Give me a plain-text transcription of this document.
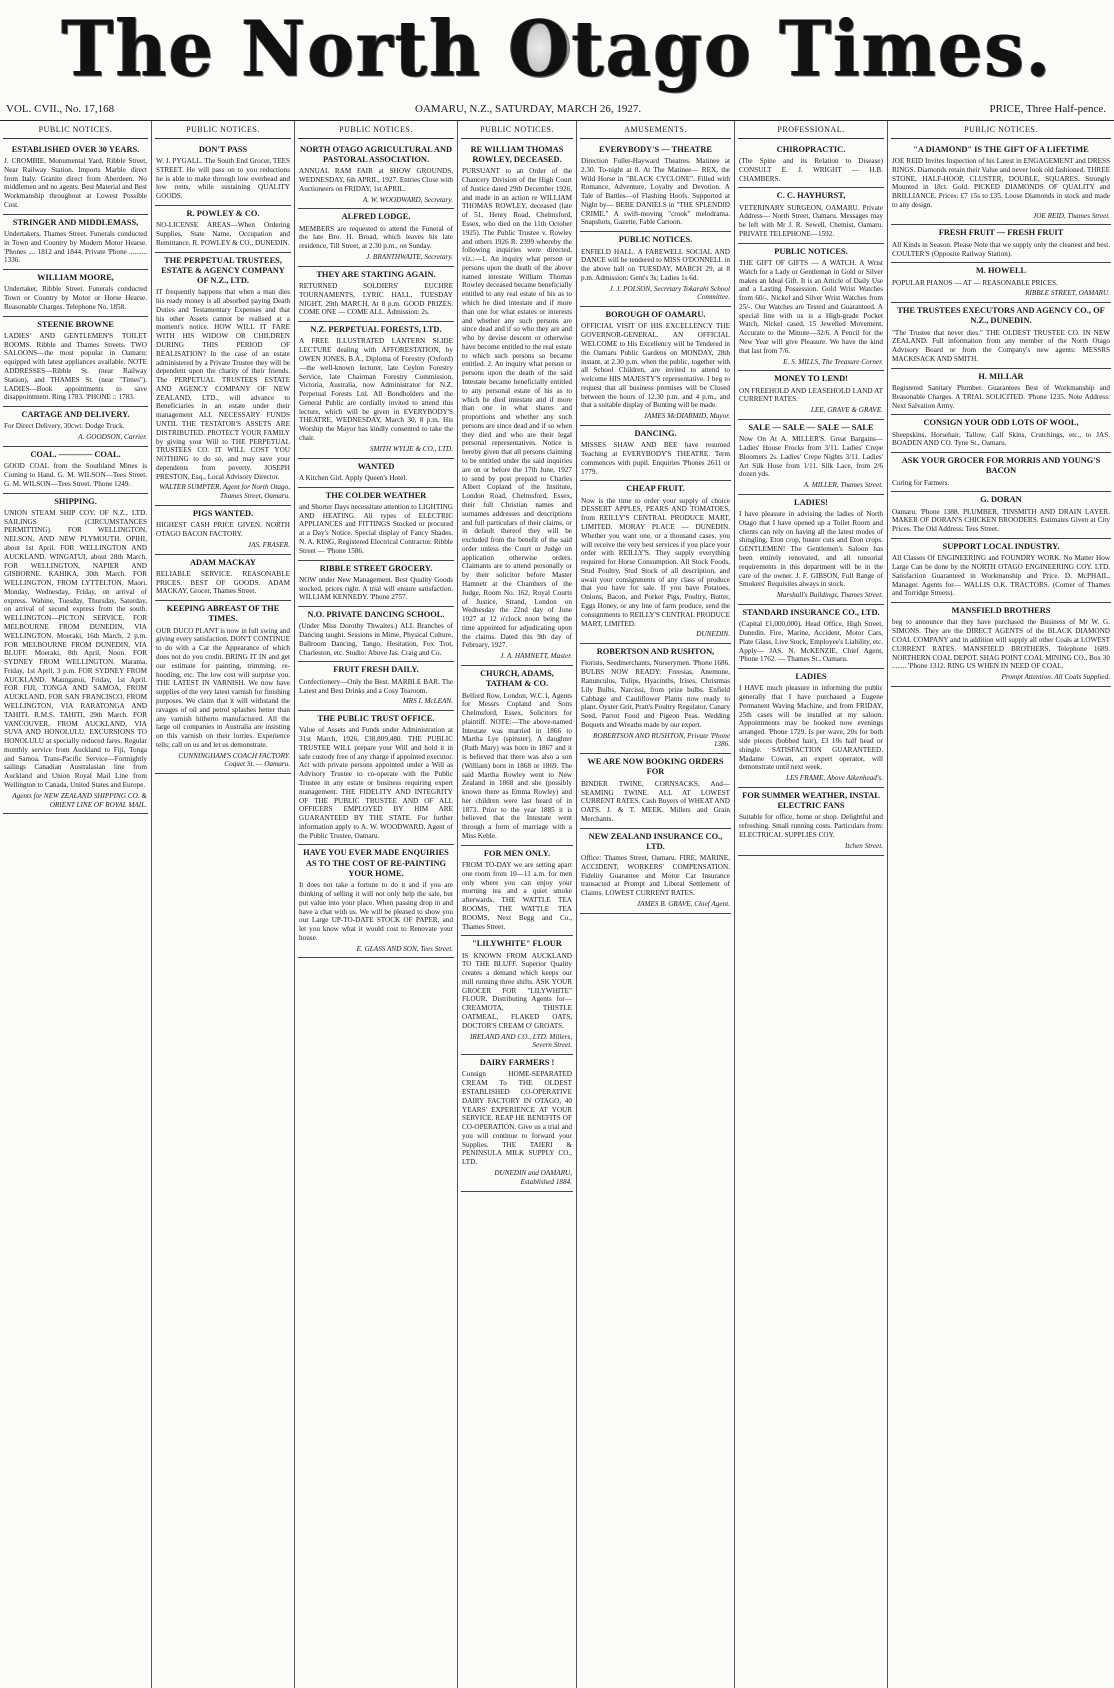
The North Otago Times.
VOL. CVII., No. 17,168	OAMARU, N.Z., SATURDAY, MARCH 26, 1927.	PRICE, Three Half-pence.
PUBLIC NOTICES.
ESTABLISHED OVER 30 YEARS.
J. CROMBIE, Monumental Yard, Ribble Street, Near Railway Station. Imports Marble direct from Italy. Granite direct from Aberdeen. No middlemen and no agents. Best Material and Best Workmanship throughout at Lowest Possible Cost.
STRINGER AND MIDDLEMASS,
Undertakers, Thames Street. Funerals conducted in Town and Country by Modern Motor Hearse. 'Phones .... 1812 and 1844. Private 'Phone .......... 1336.
WILLIAM MOORE,
Undertaker, Ribble Street. Funerals conducted Town or Country by Motor or Horse Hearse. Reasonable Charges. Telephone No. 1858.
STEENIE BROWNE
LADIES' AND GENTLEMEN'S TOILET ROOMS. Ribble and Thames Streets. TWO SALOONS—the most popular in Oamaru; equipped with latest appliances available. NOTE ADDRESSES—Ribble St. (near Railway Station), and THAMES St. (near "Times"). LADIES—Book appointments to save disappointment. Ring 1783. 'PHONE :: 1783.
CARTAGE AND DELIVERY.
For Direct Delivery, 30cwt. Dodge Truck.
A. GOODSON, Carrier.
COAL. ———— COAL.
GOOD COAL from the Southland Mines is Coming to Hand. G. M. WILSON—Tees Street. G. M. WILSON—Tees Street. 'Phone 1249.
SHIPPING.
UNION STEAM SHIP COY. OF N.Z., LTD. SAILINGS (CIRCUMSTANCES PERMITTING). FOR WELLINGTON, NELSON, AND NEW PLYMOUTH. OPIHI, about 1st April. FOR WELLINGTON AND AUCKLAND. WINGATUI, about 28th March. FOR WELLINGTON, NAPIER AND GISBORNE. KAHIKA, 30th March. FOR WELLINGTON, FROM LYTTELTON. Maori, Monday, Wednesday, Friday, on arrival of express. Wahine, Tuesday, Thursday, Saturday, on arrival of second express from the south. WELLINGTON—PICTON SERVICE. FOR MELBOURNE FROM DUNEDIN, VIA WELLINGTON. Moeraki, 16th March, 2 p.m. FOR MELBOURNE FROM DUNEDIN, VIA BLUFF. Moeraki, 8th April, Noon. FOR SYDNEY FROM WELLINGTON. Marama, Friday, 1st April, 3 p.m. FOR SYDNEY FROM AUCKLAND. Maunganui, Friday, 1st April. FOR FIJI, TONGA AND SAMOA, FROM AUCKLAND. FOR SAN FRANCISCO, FROM WELLINGTON, VIA RARATONGA AND TAHITI. R.M.S. TAHITI, 29th March. FOR VANCOUVER, FROM AUCKLAND, VIA SUVA AND HONOLULU. EXCURSIONS TO HONOLULU at specially reduced fares. Regular monthly service from Auckland to Fiji, Tonga and Samoa. Trans-Pacific Service—Fortnightly sailings Canadian Australasian line from Auckland and Union Royal Mail Line from Wellington to Canada, United States and Europe.
Agents for NEW ZEALAND SHIPPING CO. & ORIENT LINE OF ROYAL MAIL.
PUBLIC NOTICES.
DON'T PASS
W. J. PYGALL. The South End Grocer, TEES STREET. He will pass on to you reductions he is able to make through low overhead and low rents, while sustaining QUALITY GOODS.
R. POWLEY & CO.
NO-LICENSE AREAS—When Ordering Supplies, State Name, Occupation and Remittance. R. POWLEY & CO., DUNEDIN.
THE PERPETUAL TRUSTEES, ESTATE & AGENCY COMPANY OF N.Z., LTD.
IT frequently happens that when a man dies his ready money is all absorbed paying Death Duties and Testamentary Expenses and that his other Assets cannot be realised at a moment's notice. HOW WILL IT FARE WITH HIS WIDOW OR CHILDREN DURING THIS PERIOD OF REALISATION? In the case of an estate administered by a Private Trustee they will be dependent upon the charity of their friends. The PERPETUAL TRUSTEES ESTATE AND AGENCY COMPANY OF NEW ZEALAND, LTD., will advance to Beneficiaries in an estate under their management ALL NECESSARY FUNDS UNTIL THE TESTATOR'S ASSETS ARE DISTRIBUTED. PROTECT YOUR FAMILY by giving your Will to THE PERPETUAL TRUSTEES CO. IT WILL COST YOU NOTHING to do so, and may save your dependents from poverty. JOSEPH PRESTON, Esq., Local Advisory Director.
WALTER SUMPTER, Agent for North Otago, Thames Street, Oamaru.
PIGS WANTED.
HIGHEST CASH PRICE GIVEN. NORTH OTAGO BACON FACTORY.
JAS. FRASER.
ADAM MACKAY
RELIABLE SERVICE. REASONABLE PRICES. BEST OF GOODS. ADAM MACKAY, Grocer, Thames Street.
KEEPING ABREAST OF THE TIMES.
OUR DUCO PLANT is now in full swing and giving every satisfaction. DON'T CONTINUE to do with a Car the Appearance of which does not do you credit. BRING IT IN and get our estimate for painting, trimming, re-hooding, etc. The low cost will surprise you. THE LATEST IN VARNISH. We now have supplies of the very latest varnish for finishing purposes. We claim that it will withstand the ravages of oil and petrol splashes better than any varnish hitherto manufactured. All the large oil companies in Australia are insisting on this varnish on their lorries. Experience tells; call on us and let us demonstrate.
CUNNINGHAM'S COACH FACTORY. Coquet St. — Oamaru.
PUBLIC NOTICES.
NORTH OTAGO AGRICULTURAL AND PASTORAL ASSOCIATION.
ANNUAL RAM FAIR at SHOW GROUNDS, WEDNESDAY, 6th APRIL, 1927. Entries Close with Auctioneers on FRIDAY, 1st APRIL.
A. W. WOODWARD, Secretary.
ALFRED LODGE.
MEMBERS are requested to attend the Funeral of the late Bro. H. Broad, which leaves his late residence, Till Street, at 2.30 p.m., on Sunday.
J. BRANTHWAITE, Secretary.
THEY ARE STARTING AGAIN.
RETURNED SOLDIERS' EUCHRE TOURNAMENTS, LYRIC HALL, TUESDAY NIGHT, 29th MARCH, At 8 p.m. GOOD PRIZES. COME ONE — COME ALL. Admission: 2s.
N.Z. PERPETUAL FORESTS, LTD.
A FREE ILLUSTRATED LANTERN SLIDE LECTURE dealing with AFFORESTATION, by OWEN JONES, B.A., Diploma of Forestry (Oxford)—the well-known lecturer, late Ceylon Forestry Service, late Chairman Forestry Commission, Victoria, Australia, now Administrator for N.Z. Perpetual Forests Ltd. All Bondholders and the General Public are cordially invited to attend this lecture, which will be given in EVERYBODY'S THEATRE, WEDNESDAY, March 30, 8 p.m. His Worship the Mayor has kindly consented to take the chair.
SMITH WYLIE & CO., LTD.
WANTED
A Kitchen Girl. Apply Queen's Hotel.
THE COLDER WEATHER
and Shorter Days necessitate attention to LIGHTING AND HEATING. All types of ELECTRIC APPLIANCES and FITTINGS Stocked or procured at a Day's Notice. Special display of Fancy Shades. N. A. KING, Registered Electrical Contractor. Ribble Street — 'Phone 1586.
RIBBLE STREET GROCERY.
NOW under New Management. Best Quality Goods stocked, prices right. A trial will ensure satisfaction. WILLIAM KENNEDY. 'Phone 2757.
N.O. PRIVATE DANCING SCHOOL.
(Under Miss Dorothy Thwaites.) ALL Branches of Dancing taught. Sessions in Mime, Physical Culture, Ballroom Dancing, Tango, Hesitation, Fox Trot, Charleston, etc. Studio: Above Jas. Craig and Co.
FRUIT FRESH DAILY.
Confectionery—Only the Best. MARBLE BAR. The Latest and Best Drinks and a Cosy Tearoom.
MRS I. McLEAN.
THE PUBLIC TRUST OFFICE.
Value of Assets and Funds under Administration at 31st March, 1926, £38,809,480. THE PUBLIC TRUSTEE WILL prepare your Will and hold it in safe custody free of any charge if appointed executor. Act with private persons appointed under a Will as Advisory Trustee to co-operate with the Public Trustee in any estate or business requiring expert management. THE FIDELITY AND INTEGRITY OF THE PUBLIC TRUSTEE AND OF ALL OFFICERS EMPLOYED BY HIM ARE GUARANTEED BY THE STATE. For further information apply to A. W. WOODWARD, Agent of the Public Trustee, Oamaru.
HAVE YOU EVER MADE ENQUIRIES AS TO THE COST OF RE-PAINTING YOUR HOME.
It does not take a fortune to do it and if you are thinking of selling it will not only help the sale, but put value into your place. When passing drop in and have a chat with us. We will be pleased to show you our Large UP-TO-DATE STOCK OF PAPER, and let you know what it would cost to Renovate your house.
E. GLASS AND SON, Tees Street.
PUBLIC NOTICES.
RE WILLIAM THOMAS ROWLEY, DECEASED.
PURSUANT to an Order of the Chancery Division of the High Court of Justice dated 29th December 1926, and made in an action re WILLIAM THOMAS ROWLEY, deceased (late of 51, Henry Road, Chelmsford, Essex, who died on the 11th October 1925). The Public Trustee v. Rowley and others 1926 R. 2399 whereby the following inquiries were directed, viz.:—1. An inquiry what person or persons upon the death of the above named intestate William Thomas Rowley deceased became beneficially entitled to any real estate of his as to which he died intestate and if more than one for what estates or interests and whether any such persons are since dead and if so who they are and who by devise descent or otherwise have become entitled to the real estate to which such persons so became entitled. 2. An inquiry what person or persons upon the death of the said Intestate became beneficially entitled to any personal estate of his as to which he died intestate and if more than one in what shares and proportions and whether any such persons are since dead and if so when they died and who are their legal personal representatives. Notice is hereby given that all persons claiming to be entitled under the said inquiries are on or before the 17th June, 1927 to send by post prepaid to Charles Albert Copland of the Institute, London Road, Chelmsford, Essex, their full Christian names and surnames addresses and descriptions and full particulars of their claims, or in default thereof they will be excluded from the benefit of the said order unless the Court or Judge on application otherwise orders. Claimants are to attend personally or by their solicitor before Master Hamnett at the Chambers of the Judge, Room No. 162, Royal Courts of Justice, Strand, London on Wednesday the 22nd day of June 1927 at 12 o'clock noon being the time appointed for adjudicating upon the claims. Dated this 9th day of February, 1927.
J. A. HAMNETT, Master.
CHURCH, ADAMS, TATHAM & CO.
Belford Row, London, W.C.1, Agents for Messrs Copland and Sons Chelmsford, Essex, Solicitors for plaintiff. NOTE:—The above-named Intestate was married in 1866 to Martha Lye (spinster). A daughter (Ruth Mary) was born in 1867 and it is believed that there was also a son (William) born in 1868 or 1869. The said Martha Rowley went to New Zealand in 1868 and she (possibly known there as Emma Rowley) and her children were last heard of in 1873. Prior to the year 1885 it is believed that the Intestate went through a form of marriage with a Miss Keble.
FOR MEN ONLY.
FROM TO-DAY we are setting apart one room from 10—11 a.m. for men only where you can enjoy your morning tea and a quiet smoke afterwards. THE WATTLE TEA ROOMS, THE WATTLE TEA ROOMS, Next Begg and Co., Thames Street.
"LILYWHITE" FLOUR
IS KNOWN FROM AUCKLAND TO THE BLUFF. Superior Quality creates a demand which keeps our mill running three shifts. ASK YOUR GROCER FOR "LILYWHITE" FLOUR. Distributing Agents for— CREAMOTA, THISTLE OATMEAL, FLAKED OATS, DOCTOR'S CREAM O' GROATS.
IRELAND AND CO., LTD. Millers, Severn Street.
DAIRY FARMERS !
Consign HOME-SEPARATED CREAM To THE OLDEST ESTABLISHED CO-OPERATIVE DAIRY FACTORY IN OTAGO, 40 YEARS' EXPERIENCE AT YOUR SERVICE. REAP HE BENEFITS OF CO-OPERATION. Give us a trial and you will continue to forward your Supplies. THE TAIERI & PENINSULA MILK SUPPLY CO., LTD.
DUNEDIN and OAMARU, Established 1884.
AMUSEMENTS.
EVERYBODY'S — THEATRE
Direction Fuller-Hayward Theatres. Matinee at 2.30. To-night at 8. At The Matinee— REX, the Wild Horse in "BLACK CYCLONE". Filled with Romance, Adventure, Loyalty and Devotion. A Tale of Battles—of Flashing Hoofs. Supported at Night by— BEBE DANIELS in "THE SPLENDID CRIME." A swift-moving "crook" melodrama. Snapshots, Gazette, Fable Cartoon.
PUBLIC NOTICES.
ENFIELD HALL. A FAREWELL SOCIAL AND DANCE will be tendered to MISS O'DONNELL in the above hall on TUESDAY, MARCH 29, at 8 p.m. Admission: Gent's 3s; Ladies 1s 6d.
J. J. POLSON, Secretary Tokarahi School Committee.
BOROUGH OF OAMARU.
OFFICIAL VISIT OF HIS EXCELLENCY THE GOVERNOR-GENERAL. AN OFFICIAL WELCOME to His Excellency will be Tendered in the Oamaru Public Gardens on MONDAY, 28th instant, at 2.30 p.m. when the public, together with all School Children, are invited to attend to welcome HIS MAJESTY'S representative. I beg to request that all business premises will be Closed between the hours of 12.30 p.m. and 4 p.m., and that a suitable display of Bunting will be made.
JAMES McDIARMID, Mayor.
DANCING.
MISSES SHAW AND BEE have resumed Teaching at EVERYBODY'S THEATRE. Term commences with pupil. Enquiries 'Phones 2611 or 1779.
CHEAP FRUIT.
Now is the time to order your supply of choice DESSERT APPLES, PEARS AND TOMATOES, from REILLY'S CENTRAL PRODUCE MART, LIMITED. MORAY PLACE — DUNEDIN. Whether you want one, or a thousand cases, you will receive the very best services if you place your order with REILLY'S. They supply everything required for Horse Consumption. All Stock Foods, Stud Poultry, Stud Stock of all description, and await your consignments of any class of produce that you have for sale. If you have Potatoes, Onions, Bacon, and Porker Pigs, Poultry, Butter, Eggs Honey, or any line of farm produce, send the consignments to REILLY'S CENTRAL PRODUCE MART, LIMITED.
DUNEDIN.
ROBERTSON AND RUSHTON,
Florists, Seedmerchants, Nurserymen. 'Phone 1686. BULBS NOW READY: Freesias, Anemone, Ranunculus, Tulips, Hyacinths, Irises, Christmas Lily Bulbs, Narcissi, from prize bulbs. Enfield Cabbage and Cauliflower Plants now ready to plant. Oyster Grit, Pratt's Poultry Regulator, Canary Seed, Parrot Food and Pigeon Peas. Wedding Boquets and Wreaths made by our expert.
ROBERTSON AND RUSHTON, Private 'Phone 1386.
WE ARE NOW BOOKING ORDERS FOR
BINDER TWINE, CORNSACKS, And— SEAMING TWINE. ALL AT LOWEST CURRENT RATES. Cash Buyers of WHEAT AND OATS. J. & T. MEEK. Millers and Grain Merchants.
NEW ZEALAND INSURANCE CO., LTD.
Office: Thames Street, Oamaru. FIRE, MARINE, ACCIDENT, WORKERS' COMPENSATION. Fidelity Guarantee and Motor Car Insurance transacted at Prompt and Liberal Settlement of Claims. LOWEST CURRENT RATES.
JAMES B. GRAVE, Chief Agent.
PROFESSIONAL.
CHIROPRACTIC.
(The Spine and its Relation to Disease) CONSULT E. J. WRIGHT — H.B. CHAMBERS.
C. C. HAYHURST,
VETERINARY SURGEON, OAMARU. Private Address— North Street, Oamaru. Messages may be left with Mr J. R. Sewell, Chemist, Oamaru. PRIVATE TELEPHONE—1592.
PUBLIC NOTICES.
THE GIFT OF GIFTS — A WATCH. A Wrist Watch for a Lady or Gentleman in Gold or Silver makes an Ideal Gift. It is an Article of Daily Use and a Lasting Possession. Gold Wrist Watches from 60/-. Nickel and Silver Wrist Watches from 25/-. Our Watches are Tested and Guaranteed. A special line with us is a High-grade Pocket Watch, Nickel cased, 15 Jewelled Movement, Accurate to the Minute—32/6. A Pencil for the New Year will give Pleasure. We have the kind that last from 7/6.
E. S. MILLS, The Treasure Corner.
MONEY TO LEND!
ON FREEHOLD AND LEASEHOLD LAND AT CURRENT RATES.
LEE, GRAVE & GRAVE.
SALE — SALE — SALE — SALE
Now On At A. MILLER'S. Great Bargains— Ladies' House Frocks from 3/11. Ladies' Crepe Bloomers 2s. Ladies' Crepe Nights 3/11. Ladies' Art Silk Hose from 1/11. Silk Lace, from 2/6 dozen yds.
A. MILLER, Thames Street.
LADIES!
I have pleasure in advising the ladies of North Otago that I have opened up a Toilet Room and clients can rely on having all the latest modes of shingling, Eton crop, buster cuts and Eton crops. GENTLEMEN! The Gentlemen's Saloon has been entirely renovated, and all tonsorial requirements in this department will be in the care of the owner. J. F. GIBSON, Full Range of Smokers' Requisites always in stock.
Marshall's Buildings, Thames Street.
STANDARD INSURANCE CO., LTD.
(Capital £1,000,000). Head Office, High Street, Dunedin. Fire, Marine, Accident, Motor Cars, Plate Glass, Live Stock, Employee's Liability, etc. Apply— JAS. N. McKENZIE, Chief Agent, 'Phone 1762. — Thames St., Oamaru.
LADIES
I HAVE much pleasure in informing the public generally that I have purchased a Eugene Permanent Waving Machine, and from FRIDAY, 25th cases will be installed at my saloon. Appointments may be booked now evenings arranged. 'Phone 1729. Is per wave, 20s for both side pieces (bobbed hair), £3 10s half head or shingle. SATISFACTION GUARANTEED. Madame Cowan, an expert operator, will demonstrate until next week.
LES FRAME, Above Aikenhead's.
FOR SUMMER WEATHER, INSTAL ELECTRIC FANS
Suitable for office, home or shop. Delightful and refreshing. Small running costs. Particulars from: ELECTRICAL SUPPLIES COY.
Itchen Street.
PUBLIC NOTICES.
"A DIAMOND" IS THE GIFT OF A LIFETIME
JOE REID Invites Inspection of his Latest in ENGAGEMENT and DRESS RINGS. Diamonds retain their Value and never look old fashioned. THREE STONE, HALF-HOOP, CLUSTER, DOUBLE, SQUARES. Strongly Mounted in 18ct. Gold. PICKED DIAMONDS OF QUALITY and BRILLIANCE. Prices: £7 15s to £35. Loose Diamonds in stock and made to any design.
JOE REID, Thames Street.
FRESH FRUIT — FRESH FRUIT
All Kinds in Season. Please Note that we supply only the cleanest and best. COULTER'S (Opposite Railway Station).
M. HOWELL
POPULAR PIANOS — AT — REASONABLE PRICES.
RIBBLE STREET, OAMARU.
THE TRUSTEES EXECUTORS AND AGENCY CO., OF N.Z., DUNEDIN.
"The Trustee that never dies." THE OLDEST TRUSTEE CO. IN NEW ZEALAND. Full information from any member of the North Otago Advisory Board or from the Company's new agents: MESSRS MACKISACK AND SMITH.
H. MILLAR
Registered Sanitary Plumber. Guarantees Best of Workmanship and Reasonable Charges. A TRIAL SOLICITED. 'Phone 1235. Note Address: Next Salvation Army.
CONSIGN YOUR ODD LOTS OF WOOL,
Sheepskins, Horsehair, Tallow, Calf Skins, Crutchings, etc., to JAS. BOADEN AND CO. Tyne St., Oamaru.
ASK YOUR GROCER FOR MORRIS AND YOUNG'S BACON
Curing for Farmers.
G. DORAN
Oamaru. 'Phone 1388. PLUMBER, TINSMITH AND DRAIN LAYER. MAKER OF DORAN'S CHICKEN BROODERS. Estimates Given at City Prices. The Old Address: Tees Street.
SUPPORT LOCAL INDUSTRY.
All Classes Of ENGINEERING and FOUNDRY WORK. No Matter How Large Can be done by the NORTH OTAGO ENGINEERING COY. LTD. Satisfaction Guaranteed in Workmanship and Price. D. McPHAIL, Manager. Agents for— WALLIS O.K. TRACTORS. (Corner of Thames and Torridge Streets).
MANSFIELD BROTHERS
beg to announce that they have purchased the Business of Mr W. G. SIMONS. They are the DIRECT AGENTS of the BLACK DIAMOND COAL COMPANY and in addition will supply all other Coals at LOWEST CURRENT RATES. MANSFIELD BROTHERS, Telephone 1689. NORTHERN COAL DEPOT. SHAG POINT COAL MINING CO., Box 30 ........ 'Phone 1312. RING US WHEN IN NEED OF COAL.
Prompt Attention. All Coals Supplied.
